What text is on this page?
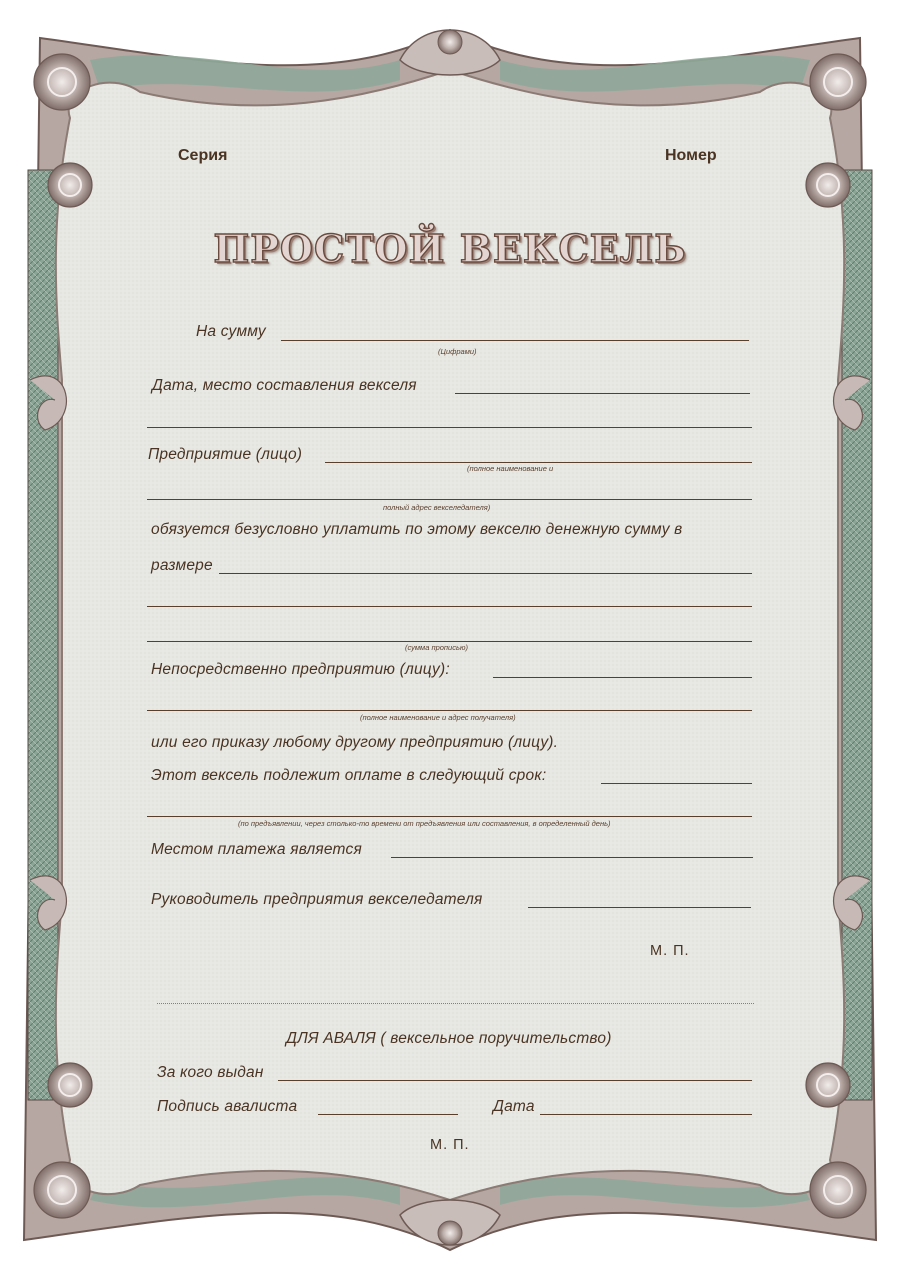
Серия	Номер
ПРОСТОЙ ВЕКСЕЛЬ
На сумму
(Цифрами)
Дата, место составления векселя
Предприятие (лицо)
(полное наименование и
полный адрес векселедателя)
обязуется безусловно уплатить по этому векселю денежную сумму в
размере
(сумма прописью)
Непосредственно предприятию (лицу):
(полное наименование и адрес получателя)
или его приказу любому другому предприятию (лицу).
Этот вексель подлежит оплате в следующий срок:
(по предъявлении, через столько-то времени от предъявления или составления, в определенный день)
Местом платежа является
Руководитель предприятия векселедателя
М. П.
ДЛЯ АВАЛЯ ( вексельное поручительство)
За кого выдан
Подпись авалиста	Дата
М. П.
